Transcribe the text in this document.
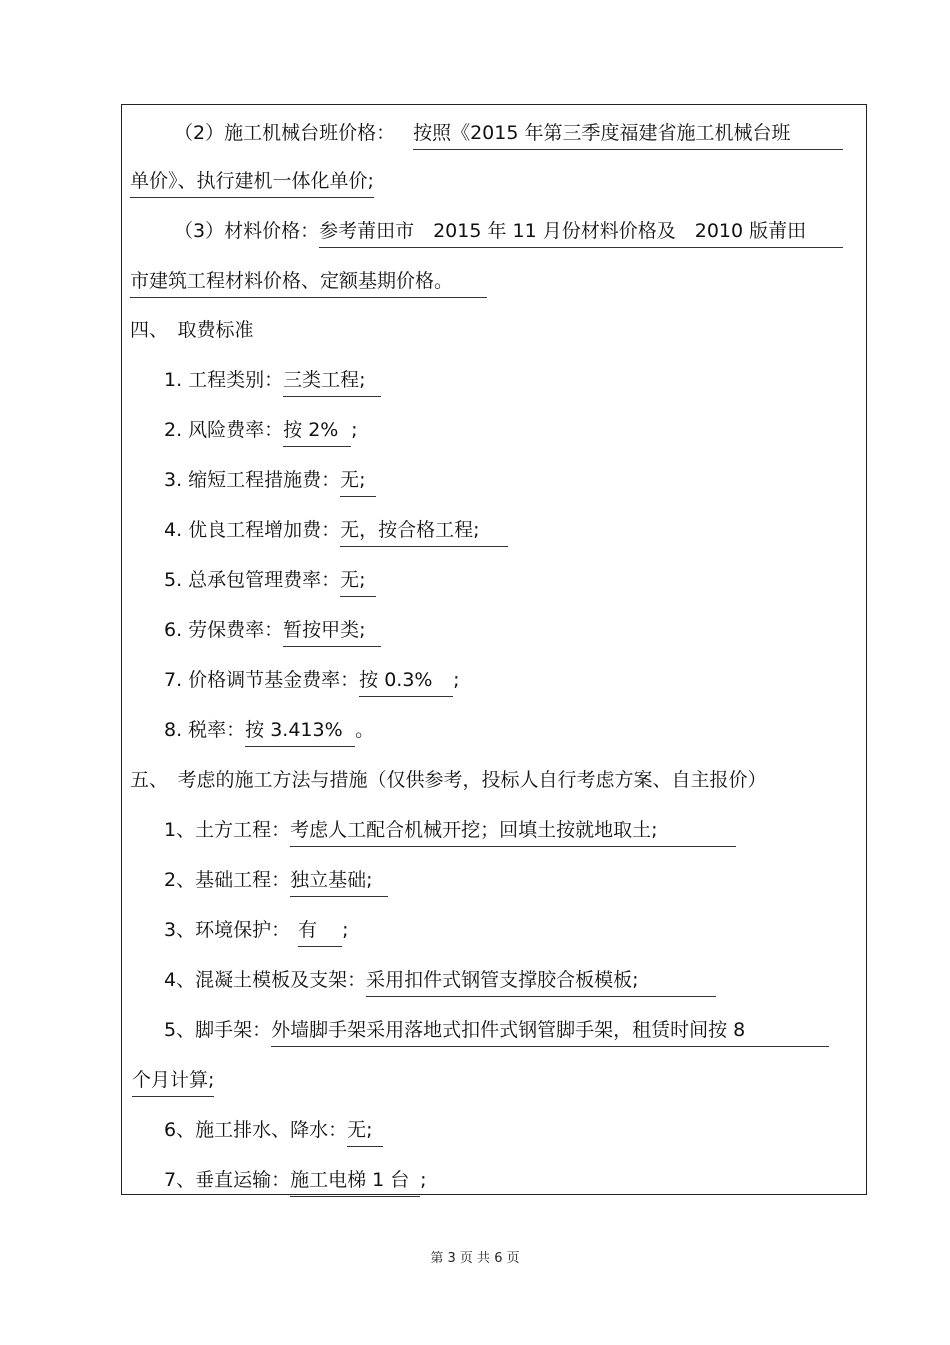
（2）施工机械台班价格： 按照《2015 年第三季度福建省施工机械台班
单价》、执行建机一体化单价;
（3）材料价格：参考莆田市　2015 年 11 月份材料价格及　2010 版莆田
市建筑工程材料价格、定额基期价格。
四、　取费标准
1. 工程类别：三类工程;
2. 风险费率：按 2%;
3. 缩短工程措施费：无;
4. 优良工程增加费：无，按合格工程;
5. 总承包管理费率：无;
6. 劳保费率：暂按甲类;
7. 价格调节基金费率：按 0.3%;
8. 税率：按 3.413%。
五、　考虑的施工方法与措施（仅供参考，投标人自行考虑方案、自主报价）
1、土方工程：考虑人工配合机械开挖；回填土按就地取土;
2、基础工程：独立基础;
3、环境保护：有;
4、混凝土模板及支架：采用扣件式钢管支撑胶合板模板;
5、脚手架：外墙脚手架采用落地式扣件式钢管脚手架，租赁时间按 8
个月计算;
6、施工排水、降水：无;
7、垂直运输：施工电梯 1 台 ;
第 3 页 共 6 页
